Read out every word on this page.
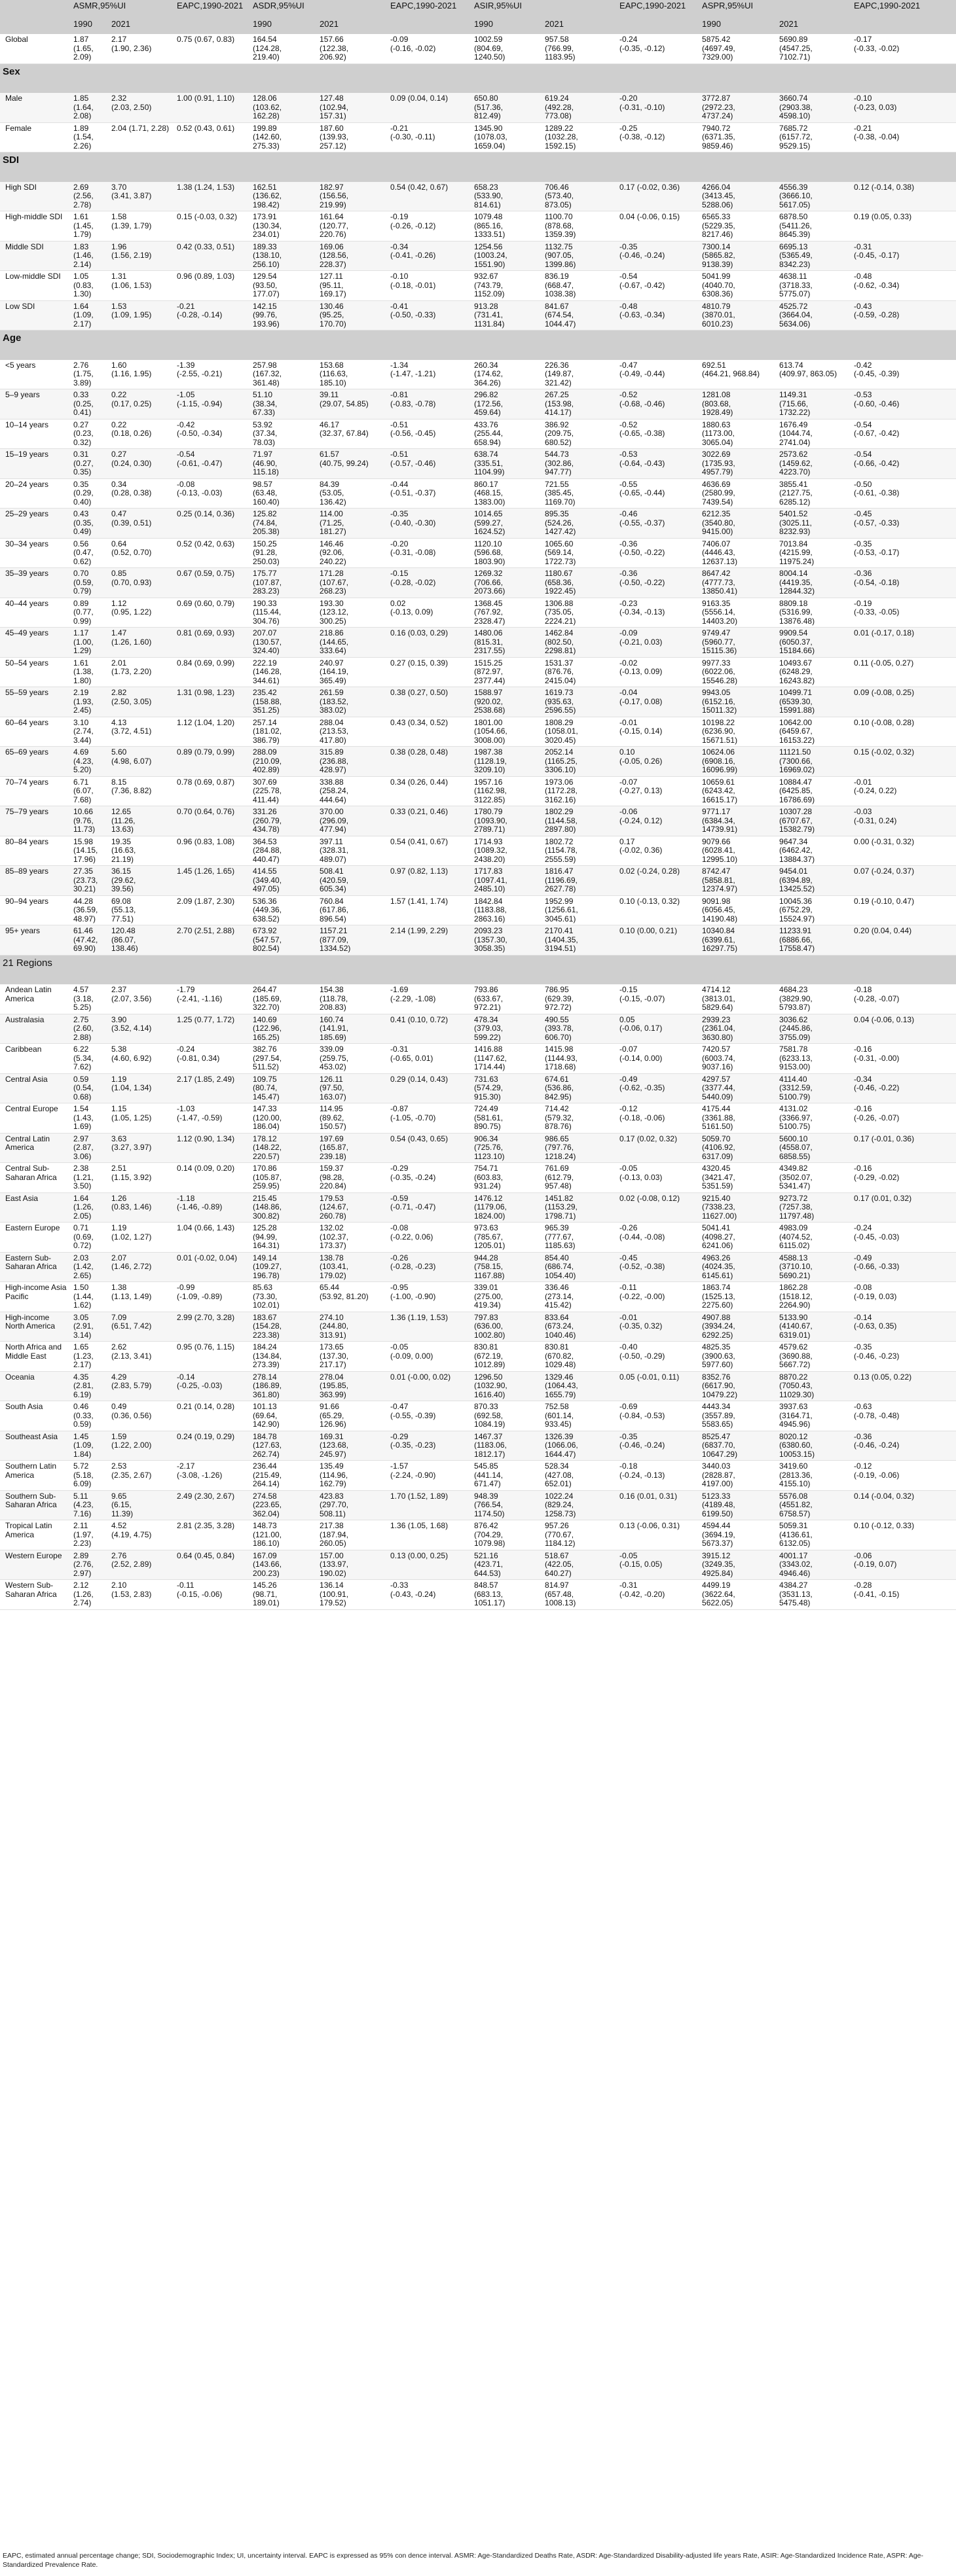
	ASMR,95%UI		EAPC,1990-2021	ASDR,95%UI		EAPC,1990-2021	ASIR,95%UI		EAPC,1990-2021	ASPR,95%UI		EAPC,1990-2021	
	1990	2021		1990	2021		1990	2021		1990	2021		
Global	1.87
(1.65,
2.09)	2.17
(1.90, 2.36)	0.75 (0.67, 0.83)	164.54
(124.28,
219.40)	157.66
(122.38,
206.92)	-0.09
(-0.16, -0.02)	1002.59
(804.69,
1240.50)	957.58
(766.99,
1183.95)	-0.24
(-0.35, -0.12)	5875.42
(4697.49,
7329.00)	5690.89
(4547.25,
7102.71)	-0.17
(-0.33, -0.02)	
Sex													
Male	1.85
(1.64,
2.08)	2.32
(2.03, 2.50)	1.00 (0.91, 1.10)	128.06
(103.62,
162.28)	127.48
(102.94,
157.31)	0.09 (0.04, 0.14)	650.80
(517.36,
812.49)	619.24
(492.28,
773.08)	-0.20
(-0.31, -0.10)	3772.87
(2972.23,
4737.24)	3660.74
(2903.38,
4598.10)	-0.10
(-0.23, 0.03)	
Female	1.89
(1.54,
2.26)	2.04 (1.71, 2.28)	0.52 (0.43, 0.61)	199.89
(142.60,
275.33)	187.60
(139.93,
257.12)	-0.21
(-0.30, -0.11)	1345.90
(1078.03,
1659.04)	1289.22
(1032.28,
1592.15)	-0.25
(-0.38, -0.12)	7940.72
(6371.35,
9859.46)	7685.72
(6157.72,
9529.15)	-0.21
(-0.38, -0.04)	
SDI													
High SDI	2.69
(2.56,
2.78)	3.70
(3.41, 3.87)	1.38 (1.24, 1.53)	162.51
(136.62,
198.42)	182.97
(156.56,
219.99)	0.54 (0.42, 0.67)	658.23
(533.90,
814.61)	706.46
(573.40,
873.05)	0.17 (-0.02, 0.36)	4266.04
(3413.45,
5288.06)	4556.39
(3666.10,
5617.05)	0.12 (-0.14, 0.38)	
High-middle SDI	1.61
(1.45,
1.79)	1.58
(1.39, 1.79)	0.15 (-0.03, 0.32)	173.91
(130.34,
234.01)	161.64
(120.77,
220.76)	-0.19
(-0.26, -0.12)	1079.48
(865.16,
1333.51)	1100.70
(878.68,
1359.39)	0.04 (-0.06, 0.15)	6565.33
(5229.35,
8217.46)	6878.50
(5411.26,
8645.39)	0.19 (0.05, 0.33)	
Middle SDI	1.83
(1.46,
2.14)	1.96
(1.56, 2.19)	0.42 (0.33, 0.51)	189.33
(138.10,
256.10)	169.06
(128.56,
228.37)	-0.34
(-0.41, -0.26)	1254.56
(1003.24,
1551.90)	1132.75
(907.05,
1399.86)	-0.35
(-0.46, -0.24)	7300.14
(5865.82,
9138.39)	6695.13
(5365.49,
8342.23)	-0.31
(-0.45, -0.17)	
Low-middle SDI	1.05
(0.83,
1.30)	1.31
(1.06, 1.53)	0.96 (0.89, 1.03)	129.54
(93.50,
177.07)	127.11
(95.11,
169.17)	-0.10
(-0.18, -0.01)	932.67
(743.79,
1152.09)	836.19
(668.47,
1038.38)	-0.54
(-0.67, -0.42)	5041.99
(4040.70,
6308.36)	4638.11
(3718.33,
5775.07)	-0.48
(-0.62, -0.34)	
Low SDI	1.64
(1.09,
2.17)	1.53
(1.09, 1.95)	-0.21
(-0.28, -0.14)	142.15
(99.76,
193.96)	130.46
(95.25,
170.70)	-0.41
(-0.50, -0.33)	913.28
(731.41,
1131.84)	841.67
(674.54,
1044.47)	-0.48
(-0.63, -0.34)	4810.79
(3870.01,
6010.23)	4525.72
(3664.04,
5634.06)	-0.43
(-0.59, -0.28)	
Age													
<5 years	2.76
(1.75,
3.89)	1.60
(1.16, 1.95)	-1.39
(-2.55, -0.21)	257.98
(167.32,
361.48)	153.68
(116.63,
185.10)	-1.34
(-1.47, -1.21)	260.34
(174.62,
364.26)	226.36
(149.87,
321.42)	-0.47
(-0.49, -0.44)	692.51
(464.21, 968.84)	613.74
(409.97, 863.05)	-0.42
(-0.45, -0.39)	
5–9 years	0.33
(0.25,
0.41)	0.22
(0.17, 0.25)	-1.05
(-1.15, -0.94)	51.10
(38.34,
67.33)	39.11
(29.07, 54.85)	-0.81
(-0.83, -0.78)	296.82
(172.56,
459.64)	267.25
(153.98,
414.17)	-0.52
(-0.68, -0.46)	1281.08
(803.68,
1928.49)	1149.31
(715.66,
1732.22)	-0.53
(-0.60, -0.46)	
10–14 years	0.27
(0.23,
0.32)	0.22
(0.18, 0.26)	-0.42
(-0.50, -0.34)	53.92
(37.34,
78.03)	46.17
(32.37, 67.84)	-0.51
(-0.56, -0.45)	433.76
(255.44,
658.94)	386.92
(209.75,
680.52)	-0.52
(-0.65, -0.38)	1880.63
(1173.00,
3065.04)	1676.49
(1044.74,
2741.04)	-0.54
(-0.67, -0.42)	
15–19 years	0.31
(0.27,
0.35)	0.27
(0.24, 0.30)	-0.54
(-0.61, -0.47)	71.97
(46.90,
115.18)	61.57
(40.75, 99.24)	-0.51
(-0.57, -0.46)	638.74
(335.51,
1104.99)	544.73
(302.86,
947.77)	-0.53
(-0.64, -0.43)	3022.69
(1735.93,
4957.79)	2573.62
(1459.62,
4223.70)	-0.54
(-0.66, -0.42)	
20–24 years	0.35
(0.29,
0.40)	0.34
(0.28, 0.38)	-0.08
(-0.13, -0.03)	98.57
(63.48,
160.40)	84.39
(53.05,
136.42)	-0.44
(-0.51, -0.37)	860.17
(468.15,
1383.00)	721.55
(385.45,
1169.70)	-0.55
(-0.65, -0.44)	4636.69
(2580.99,
7439.54)	3855.41
(2127.75,
6285.12)	-0.50
(-0.61, -0.38)	
25–29 years	0.43
(0.35,
0.49)	0.47
(0.39, 0.51)	0.25 (0.14, 0.36)	125.82
(74.84,
205.38)	114.00
(71.25,
181.27)	-0.35
(-0.40, -0.30)	1014.65
(599.27,
1624.52)	895.35
(524.26,
1427.42)	-0.46
(-0.55, -0.37)	6212.35
(3540.80,
9415.00)	5401.52
(3025.11,
8232.93)	-0.45
(-0.57, -0.33)	
30–34 years	0.56
(0.47,
0.62)	0.64
(0.52, 0.70)	0.52 (0.42, 0.63)	150.25
(91.28,
250.03)	146.46
(92.06,
240.22)	-0.20
(-0.31, -0.08)	1120.10
(596.68,
1803.90)	1065.60
(569.14,
1722.73)	-0.36
(-0.50, -0.22)	7406.07
(4446.43,
12637.13)	7013.84
(4215.99,
11975.24)	-0.35
(-0.53, -0.17)	
35–39 years	0.70
(0.59,
0.79)	0.85
(0.70, 0.93)	0.67 (0.59, 0.75)	175.77
(107.87,
283.23)	171.28
(107.67,
268.23)	-0.15
(-0.28, -0.02)	1269.32
(706.66,
2073.66)	1180.67
(658.36,
1922.45)	-0.36
(-0.50, -0.22)	8647.42
(4777.73,
13850.41)	8004.14
(4419.35,
12844.32)	-0.36
(-0.54, -0.18)	
40–44 years	0.89
(0.77,
0.99)	1.12
(0.95, 1.22)	0.69 (0.60, 0.79)	190.33
(115.44,
304.76)	193.30
(123.12,
300.25)	0.02
(-0.13, 0.09)	1368.45
(767.92,
2328.47)	1306.88
(735.05,
2224.21)	-0.23
(-0.34, -0.13)	9163.35
(5556.14,
14403.20)	8809.18
(5316.99,
13876.48)	-0.19
(-0.33, -0.05)	
45–49 years	1.17
(1.00,
1.29)	1.47
(1.26, 1.60)	0.81 (0.69, 0.93)	207.07
(130.57,
324.40)	218.86
(144.65,
333.64)	0.16 (0.03, 0.29)	1480.06
(815.31,
2317.55)	1462.84
(802.50,
2298.81)	-0.09
(-0.21, 0.03)	9749.47
(5960.77,
15115.36)	9909.54
(6050.37,
15184.66)	0.01 (-0.17, 0.18)	
50–54 years	1.61
(1.38,
1.80)	2.01
(1.73, 2.20)	0.84 (0.69, 0.99)	222.19
(146.28,
344.61)	240.97
(164.19,
365.49)	0.27 (0.15, 0.39)	1515.25
(872.97,
2377.44)	1531.37
(876.76,
2415.04)	-0.02
(-0.13, 0.09)	9977.33
(6022.06,
15546.28)	10493.67
(6248.29,
16243.82)	0.11 (-0.05, 0.27)	
55–59 years	2.19
(1.93,
2.45)	2.82
(2.50, 3.05)	1.31 (0.98, 1.23)	235.42
(158.88,
351.25)	261.59
(183.52,
383.02)	0.38 (0.27, 0.50)	1588.97
(920.02,
2538.68)	1619.73
(935.63,
2596.55)	-0.04
(-0.17, 0.08)	9943.05
(6152.16,
15011.32)	10499.71
(6539.30,
15991.88)	0.09 (-0.08, 0.25)	
60–64 years	3.10
(2.74,
3.44)	4.13
(3.72, 4.51)	1.12 (1.04, 1.20)	257.14
(181.02,
386.79)	288.04
(213.53,
417.80)	0.43 (0.34, 0.52)	1801.00
(1054.66,
3008.00)	1808.29
(1058.01,
3020.45)	-0.01
(-0.15, 0.14)	10198.22
(6236.90,
15671.51)	10642.00
(6459.67,
16153.22)	0.10 (-0.08, 0.28)	
65–69 years	4.69
(4.23,
5.20)	5.60
(4.98, 6.07)	0.89 (0.79, 0.99)	288.09
(210.09,
402.89)	315.89
(236.88,
428.97)	0.38 (0.28, 0.48)	1987.38
(1128.19,
3209.10)	2052.14
(1165.25,
3306.10)	0.10
(-0.05, 0.26)	10624.06
(6908.16,
16096.99)	11121.50
(7300.66,
16969.02)	0.15 (-0.02, 0.32)	
70–74 years	6.71
(6.07,
7.68)	8.15
(7.36, 8.82)	0.78 (0.69, 0.87)	307.69
(225.78,
411.44)	338.88
(258.24,
444.64)	0.34 (0.26, 0.44)	1957.16
(1162.98,
3122.85)	1973.06
(1172.28,
3162.16)	-0.07
(-0.27, 0.13)	10659.61
(6243.42,
16615.17)	10884.47
(6425.85,
16786.69)	-0.01
(-0.24, 0.22)	
75–79 years	10.66
(9.76,
11.73)	12.65
(11.26,
13.63)	0.70 (0.64, 0.76)	331.26
(260.79,
434.78)	370.00
(296.09,
477.94)	0.33 (0.21, 0.46)	1780.79
(1093.90,
2789.71)	1802.29
(1144.58,
2897.80)	-0.06
(-0.24, 0.12)	9771.17
(6384.34,
14739.91)	10307.28
(6707.67,
15382.79)	-0.03
(-0.31, 0.24)	
80–84 years	15.98
(14.15,
17.96)	19.35
(16.63,
21.19)	0.96 (0.83, 1.08)	364.53
(284.88,
440.47)	397.11
(328.31,
489.07)	0.54 (0.41, 0.67)	1714.93
(1089.32,
2438.20)	1802.72
(1154.78,
2555.59)	0.17
(-0.02, 0.36)	9079.66
(6028.41,
12995.10)	9647.34
(6462.42,
13884.37)	0.00 (-0.31, 0.32)	
85–89 years	27.35
(23.73,
30.21)	36.15
(29.62,
39.56)	1.45 (1.26, 1.65)	414.55
(349.40,
497.05)	508.41
(420.59,
605.34)	0.97 (0.82, 1.13)	1717.83
(1097.41,
2485.10)	1816.47
(1196.69,
2627.78)	0.02 (-0.24, 0.28)	8742.47
(5858.81,
12374.97)	9454.01
(6394.89,
13425.52)	0.07 (-0.24, 0.37)	
90–94 years	44.28
(36.59,
48.97)	69.08
(55.13,
77.51)	2.09 (1.87, 2.30)	536.36
(449.36,
638.52)	760.84
(617.86,
896.54)	1.57 (1.41, 1.74)	1842.84
(1183.88,
2863.16)	1952.99
(1256.61,
3045.61)	0.10 (-0.13, 0.32)	9091.98
(6056.45,
14190.48)	10045.36
(6752.29,
15524.97)	0.19 (-0.10, 0.47)	
95+ years	61.46
(47.42,
69.90)	120.48
(86.07,
138.46)	2.70 (2.51, 2.88)	673.92
(547.57,
802.54)	1157.21
(877.09,
1334.52)	2.14 (1.99, 2.29)	2093.23
(1357.30,
3058.35)	2170.41
(1404.35,
3194.51)	0.10 (0.00, 0.21)	10340.84
(6399.61,
16297.75)	11233.91
(6886.66,
17558.47)	0.20 (0.04, 0.44)	
21 Regions													
Andean Latin America	4.57
(3.18,
5.25)	2.37
(2.07, 3.56)	-1.79
(-2.41, -1.16)	264.47
(185.69,
322.70)	154.38
(118.78,
208.83)	-1.69
(-2.29, -1.08)	793.86
(633.67,
972.21)	786.95
(629.39,
972.72)	-0.15
(-0.15, -0.07)	4714.12
(3813.01,
5829.64)	4684.23
(3829.90,
5793.87)	-0.18
(-0.28, -0.07)	
Australasia	2.75
(2.60,
2.88)	3.90
(3.52, 4.14)	1.25 (0.77, 1.72)	140.69
(122.96,
165.25)	160.74
(141.91,
185.69)	0.41 (0.10, 0.72)	478.34
(379.03,
599.22)	490.55
(393.78,
606.70)	0.05
(-0.06, 0.17)	2939.23
(2361.04,
3630.80)	3036.62
(2445.86,
3755.09)	0.04 (-0.06, 0.13)	
Caribbean	6.22
(5.34,
7.62)	5.38
(4.60, 6.92)	-0.24
(-0.81, 0.34)	382.76
(297.54,
511.52)	339.09
(259.75,
453.02)	-0.31
(-0.65, 0.01)	1416.88
(1147.62,
1714.44)	1415.98
(1144.93,
1718.68)	-0.07
(-0.14, 0.00)	7420.57
(6003.74,
9037.16)	7581.78
(6233.13,
9153.00)	-0.16
(-0.31, -0.00)	
Central Asia	0.59
(0.54,
0.68)	1.19
(1.04, 1.34)	2.17 (1.85, 2.49)	109.75
(80.74,
145.47)	126.11
(97.50,
163.07)	0.29 (0.14, 0.43)	731.63
(574.29,
915.30)	674.61
(536.86,
842.95)	-0.49
(-0.62, -0.35)	4297.57
(3377.44,
5440.09)	4114.40
(3312.59,
5100.79)	-0.34
(-0.46, -0.22)	
Central Europe	1.54
(1.43,
1.69)	1.15
(1.05, 1.25)	-1.03
(-1.47, -0.59)	147.33
(120.00,
186.04)	114.95
(89.62,
150.57)	-0.87
(-1.05, -0.70)	724.49
(581.61,
890.75)	714.42
(579.32,
878.76)	-0.12
(-0.18, -0.06)	4175.44
(3361.88,
5161.50)	4131.02
(3366.97,
5100.75)	-0.16
(-0.26, -0.07)	
Central Latin America	2.97
(2.87,
3.06)	3.63
(3.27, 3.97)	1.12 (0.90, 1.34)	178.12
(148.22,
220.57)	197.69
(165.87,
239.18)	0.54 (0.43, 0.65)	906.34
(725.76,
1123.10)	986.65
(797.76,
1218.24)	0.17 (0.02, 0.32)	5059.70
(4106.92,
6317.09)	5600.10
(4558.07,
6858.55)	0.17 (-0.01, 0.36)	
Central Sub-Saharan Africa	2.38
(1.21,
3.50)	2.51
(1.15, 3.92)	0.14 (0.09, 0.20)	170.86
(105.87,
259.95)	159.37
(98.28,
220.84)	-0.29
(-0.35, -0.24)	754.71
(603.83,
931.24)	761.69
(612.79,
957.48)	-0.05
(-0.13, 0.03)	4320.45
(3421.47,
5351.59)	4349.82
(3502.07,
5341.47)	-0.16
(-0.29, -0.02)	
East Asia	1.64
(1.26,
2.05)	1.26
(0.83, 1.46)	-1.18
(-1.46, -0.89)	215.45
(148.86,
300.82)	179.53
(124.67,
260.78)	-0.59
(-0.71, -0.47)	1476.12
(1179.06,
1824.00)	1451.82
(1153.29,
1798.71)	0.02 (-0.08, 0.12)	9215.40
(7338.23,
11627.00)	9273.72
(7257.38,
11797.48)	0.17 (0.01, 0.32)	
Eastern Europe	0.71
(0.69,
0.72)	1.19
(1.02, 1.27)	1.04 (0.66, 1.43)	125.28
(94.99,
164.31)	132.02
(102.37,
173.37)	-0.08
(-0.22, 0.06)	973.63
(785.67,
1205.01)	965.39
(777.67,
1185.63)	-0.26
(-0.44, -0.08)	5041.41
(4098.27,
6241.06)	4983.09
(4074.52,
6115.02)	-0.24
(-0.45, -0.03)	
Eastern Sub-Saharan Africa	2.03
(1.42,
2.65)	2.07
(1.46, 2.72)	0.01 (-0.02, 0.04)	149.14
(109.27,
196.78)	138.78
(103.41,
179.02)	-0.26
(-0.28, -0.23)	944.28
(758.15,
1167.88)	854.40
(686.74,
1054.40)	-0.45
(-0.52, -0.38)	4963.26
(4024.35,
6145.61)	4588.13
(3710.10,
5690.21)	-0.49
(-0.66, -0.33)	
High-income Asia Pacific	1.50
(1.44,
1.62)	1.38
(1.13, 1.49)	-0.99
(-1.09, -0.89)	85.63
(73.30,
102.01)	65.44
(53.92, 81.20)	-0.95
(-1.00, -0.90)	339.01
(275.00,
419.34)	336.46
(273.14,
415.42)	-0.11
(-0.22, -0.00)	1863.74
(1525.13,
2275.60)	1862.28
(1518.12,
2264.90)	-0.08
(-0.19, 0.03)	
High-income North America	3.05
(2.91,
3.14)	7.09
(6.51, 7.42)	2.99 (2.70, 3.28)	183.67
(154.28,
223.38)	274.10
(244.80,
313.91)	1.36 (1.19, 1.53)	797.83
(636.00,
1002.80)	833.64
(673.24,
1040.46)	-0.01
(-0.35, 0.32)	4907.88
(3934.24,
6292.25)	5133.90
(4140.67,
6319.01)	-0.14
(-0.63, 0.35)	
North Africa and Middle East	1.65
(1.23,
2.17)	2.62
(2.13, 3.41)	0.95 (0.76, 1.15)	184.24
(134.84,
273.39)	173.65
(137.30,
217.17)	-0.05
(-0.09, 0.00)	830.81
(672.19,
1012.89)	830.81
(670.82,
1029.48)	-0.40
(-0.50, -0.29)	4825.35
(3900.63,
5977.60)	4579.62
(3690.88,
5667.72)	-0.35
(-0.46, -0.23)	
Oceania	4.35
(2.81,
6.19)	4.29
(2.83, 5.79)	-0.14
(-0.25, -0.03)	278.14
(186.89,
361.80)	278.04
(195.85,
363.99)	0.01 (-0.00, 0.02)	1296.50
(1032.90,
1616.40)	1329.46
(1064.43,
1655.79)	0.05 (-0.01, 0.11)	8352.76
(6617.90,
10479.22)	8870.22
(7050.43,
11029.30)	0.13 (0.05, 0.22)	
South Asia	0.46
(0.33,
0.59)	0.49
(0.36, 0.56)	0.21 (0.14, 0.28)	101.13
(69.64,
142.90)	91.66
(65.29,
126.96)	-0.47
(-0.55, -0.39)	870.33
(692.58,
1084.19)	752.58
(601.14,
933.45)	-0.69
(-0.84, -0.53)	4443.34
(3557.89,
5583.65)	3937.63
(3164.71,
4945.96)	-0.63
(-0.78, -0.48)	
Southeast Asia	1.45
(1.09,
1.84)	1.59
(1.22, 2.00)	0.24 (0.19, 0.29)	184.78
(127.63,
262.74)	169.31
(123.68,
245.97)	-0.29
(-0.35, -0.23)	1467.37
(1183.06,
1812.17)	1326.39
(1066.06,
1644.47)	-0.35
(-0.46, -0.24)	8525.47
(6837.70,
10647.29)	8020.12
(6380.60,
10053.15)	-0.36
(-0.46, -0.24)	
Southern Latin America	5.72
(5.18,
6.09)	2.53
(2.35, 2.67)	-2.17
(-3.08, -1.26)	236.44
(215.49,
264.14)	135.49
(114.96,
162.79)	-1.57
(-2.24, -0.90)	545.85
(441.14,
671.47)	528.34
(427.08,
652.01)	-0.18
(-0.24, -0.13)	3440.03
(2828.87,
4197.00)	3419.60
(2813.36,
4155.10)	-0.12
(-0.19, -0.06)	
Southern Sub-Saharan Africa	5.11
(4.23,
7.16)	9.65
(6.15,
11.39)	2.49 (2.30, 2.67)	274.58
(223.65,
362.04)	423.83
(297.70,
508.11)	1.70 (1.52, 1.89)	948.39
(766.54,
1174.50)	1022.24
(829.24,
1258.73)	0.16 (0.01, 0.31)	5123.33
(4189.48,
6199.50)	5576.08
(4551.82,
6758.57)	0.14 (-0.04, 0.32)	
Tropical Latin America	2.11
(1.97,
2.23)	4.52
(4.19, 4.75)	2.81 (2.35, 3.28)	148.73
(121.00,
186.10)	217.38
(187.94,
260.05)	1.36 (1.05, 1.68)	876.42
(704.29,
1079.98)	957.26
(770.67,
1184.12)	0.13 (-0.06, 0.31)	4594.44
(3694.19,
5673.37)	5059.31
(4136.61,
6132.05)	0.10 (-0.12, 0.33)	
Western Europe	2.89
(2.76,
2.97)	2.76
(2.52, 2.89)	0.64 (0.45, 0.84)	167.09
(143.66,
200.23)	157.00
(133.97,
190.02)	0.13 (0.00, 0.25)	521.16
(423.71,
644.53)	518.67
(422.05,
640.27)	-0.05
(-0.15, 0.05)	3915.12
(3249.35,
4925.84)	4001.17
(3343.02,
4946.46)	-0.06
(-0.19, 0.07)	
Western Sub-Saharan Africa	2.12
(1.26,
2.74)	2.10
(1.53, 2.83)	-0.11
(-0.15, -0.06)	145.26
(98.71,
189.01)	136.14
(100.91,
179.52)	-0.33
(-0.43, -0.24)	848.57
(683.13,
1051.17)	814.97
(657.48,
1008.13)	-0.31
(-0.42, -0.20)	4499.19
(3622.64,
5622.05)	4384.27
(3531.13,
5475.48)	-0.28
(-0.41, -0.15)	
EAPC, estimated annual percentage change; SDI, Sociodemographic Index; UI, uncertainty interval. EAPC is expressed as 95% con dence interval. ASMR: Age-Standardized Deaths Rate, ASDR: Age-Standardized Disability-adjusted life years Rate, ASIR: Age-Standardized Incidence Rate, ASPR: Age-Standardized Prevalence Rate.
